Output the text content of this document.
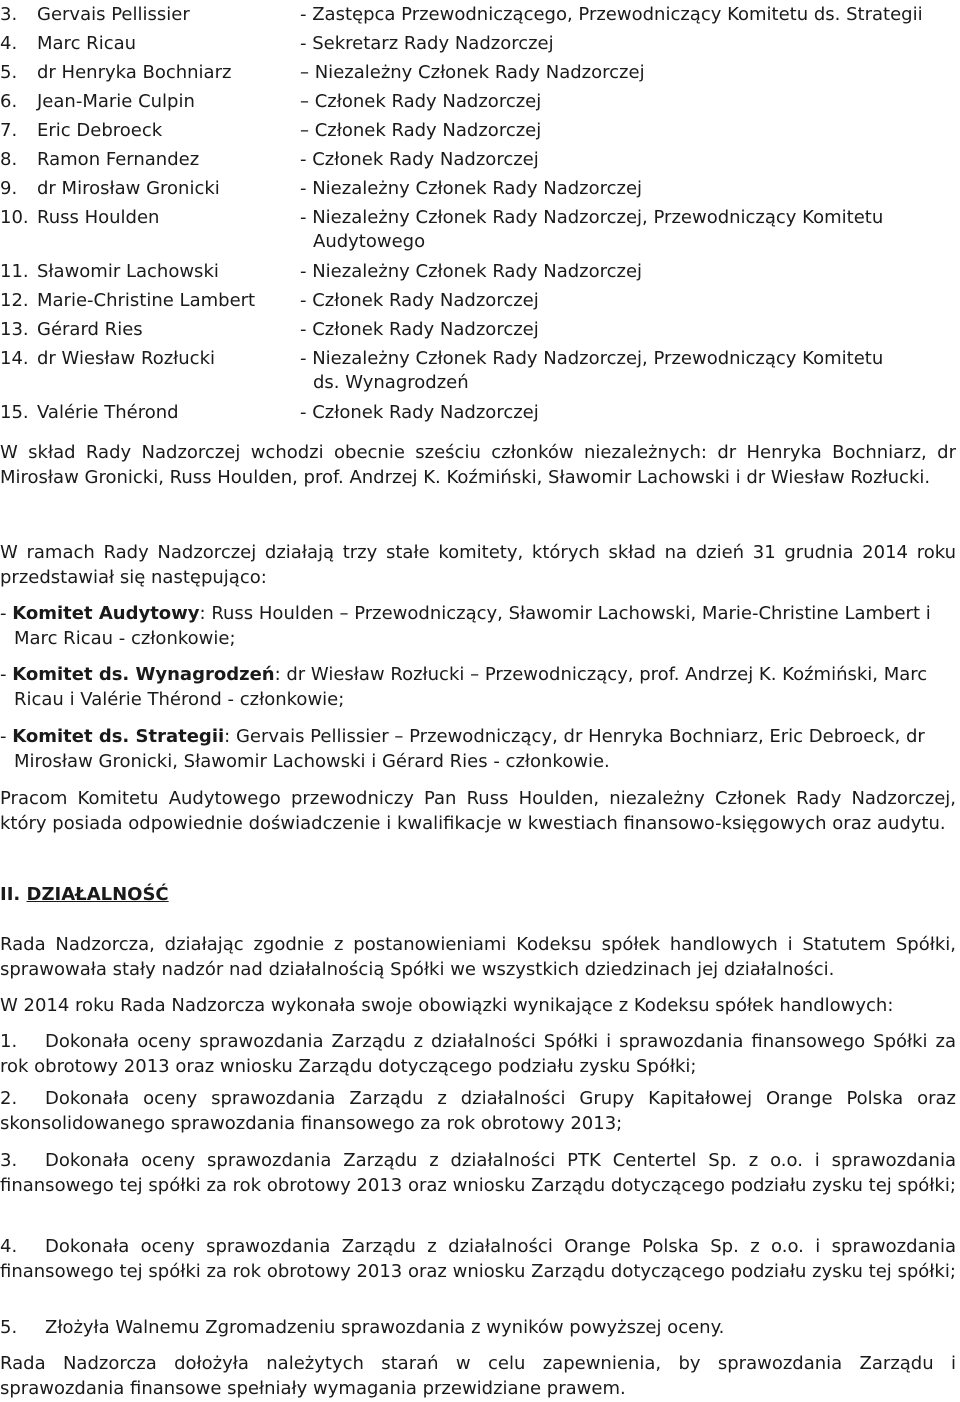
3. Gervais Pellissier	- Zastępca Przewodniczącego, Przewodniczący Komitetu ds. Strategii
4. Marc Ricau	- Sekretarz Rady Nadzorczej
5. dr Henryka Bochniarz	– Niezależny Członek Rady Nadzorczej
6. Jean-Marie Culpin	– Członek Rady Nadzorczej
7. Eric Debroeck	– Członek Rady Nadzorczej
8. Ramon Fernandez	- Członek Rady Nadzorczej
9. dr Mirosław Gronicki	- Niezależny Członek Rady Nadzorczej
10. Russ Houlden	- Niezależny Członek Rady Nadzorczej, Przewodniczący Komitetu
Audytowego
11. Sławomir Lachowski	- Niezależny Członek Rady Nadzorczej
12. Marie-Christine Lambert - Członek Rady Nadzorczej
13. Gérard Ries	- Członek Rady Nadzorczej
14. dr Wiesław Rozłucki	- Niezależny Członek Rady Nadzorczej, Przewodniczący Komitetu
ds. Wynagrodzeń
15. Valérie Thérond	- Członek Rady Nadzorczej
W skład Rady Nadzorczej wchodzi obecnie sześciu członków niezależnych: dr Henryka Bochniarz, dr Mirosław Gronicki, Russ Houlden, prof. Andrzej K. Koźmiński, Sławomir Lachowski i dr Wiesław Rozłucki.
W ramach Rady Nadzorczej działają trzy stałe komitety, których skład na dzień 31 grudnia 2014 roku przedstawiał się następująco:
- Komitet Audytowy: Russ Houlden – Przewodniczący, Sławomir Lachowski, Marie-Christine Lambert i Marc Ricau - członkowie;
- Komitet ds. Wynagrodzeń: dr Wiesław Rozłucki – Przewodniczący, prof. Andrzej K. Koźmiński, Marc Ricau i Valérie Thérond - członkowie;
- Komitet ds. Strategii: Gervais Pellissier – Przewodniczący, dr Henryka Bochniarz, Eric Debroeck, dr Mirosław Gronicki, Sławomir Lachowski i Gérard Ries - członkowie.
Pracom Komitetu Audytowego przewodniczy Pan Russ Houlden, niezależny Członek Rady Nadzorczej, który posiada odpowiednie doświadczenie i kwalifikacje w kwestiach finansowo-księgowych oraz audytu.
II. DZIAŁALNOŚĆ
Rada Nadzorcza, działając zgodnie z postanowieniami Kodeksu spółek handlowych i Statutem Spółki, sprawowała stały nadzór nad działalnością Spółki we wszystkich dziedzinach jej działalności.
W 2014 roku Rada Nadzorcza wykonała swoje obowiązki wynikające z Kodeksu spółek handlowych:
1. Dokonała oceny sprawozdania Zarządu z działalności Spółki i sprawozdania finansowego Spółki za rok obrotowy 2013 oraz wniosku Zarządu dotyczącego podziału zysku Spółki;
2. Dokonała oceny sprawozdania Zarządu z działalności Grupy Kapitałowej Orange Polska oraz skonsolidowanego sprawozdania finansowego za rok obrotowy 2013;
3. Dokonała oceny sprawozdania Zarządu z działalności PTK Centertel Sp. z o.o. i sprawozdania finansowego tej spółki za rok obrotowy 2013 oraz wniosku Zarządu dotyczącego podziału zysku tej spółki;
4. Dokonała oceny sprawozdania Zarządu z działalności Orange Polska Sp. z o.o. i sprawozdania finansowego tej spółki za rok obrotowy 2013 oraz wniosku Zarządu dotyczącego podziału zysku tej spółki;
5. Złożyła Walnemu Zgromadzeniu sprawozdania z wyników powyższej oceny.
Rada Nadzorcza dołożyła należytych starań w celu zapewnienia, by sprawozdania Zarządu i sprawozdania finansowe spełniały wymagania przewidziane prawem.
